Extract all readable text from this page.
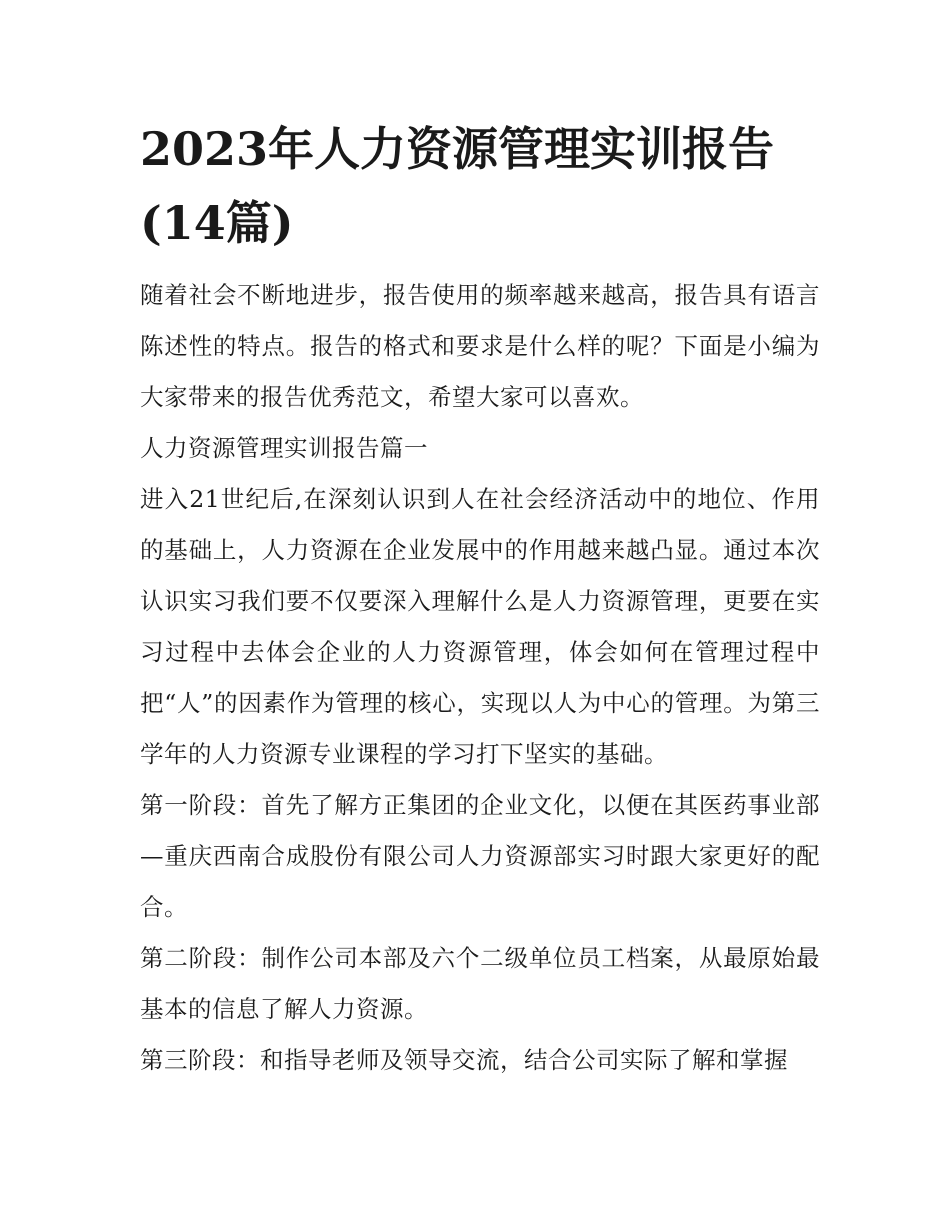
2023年人力资源管理实训报告(14篇)

随着社会不断地进步，报告使用的频率越来越高，报告具有语言陈述性的特点。报告的格式和要求是什么样的呢？下面是小编为大家带来的报告优秀范文，希望大家可以喜欢。

人力资源管理实训报告篇一

进入21世纪后,在深刻认识到人在社会经济活动中的地位、作用的基础上，人力资源在企业发展中的作用越来越凸显。通过本次认识实习我们要不仅要深入理解什么是人力资源管理，更要在实习过程中去体会企业的人力资源管理，体会如何在管理过程中把“人”的因素作为管理的核心，实现以人为中心的管理。为第三学年的人力资源专业课程的学习打下坚实的基础。

第一阶段：首先了解方正集团的企业文化，以便在其医药事业部—重庆西南合成股份有限公司人力资源部实习时跟大家更好的配合。

第二阶段：制作公司本部及六个二级单位员工档案，从最原始最基本的信息了解人力资源。

第三阶段：和指导老师及领导交流，结合公司实际了解和掌握
